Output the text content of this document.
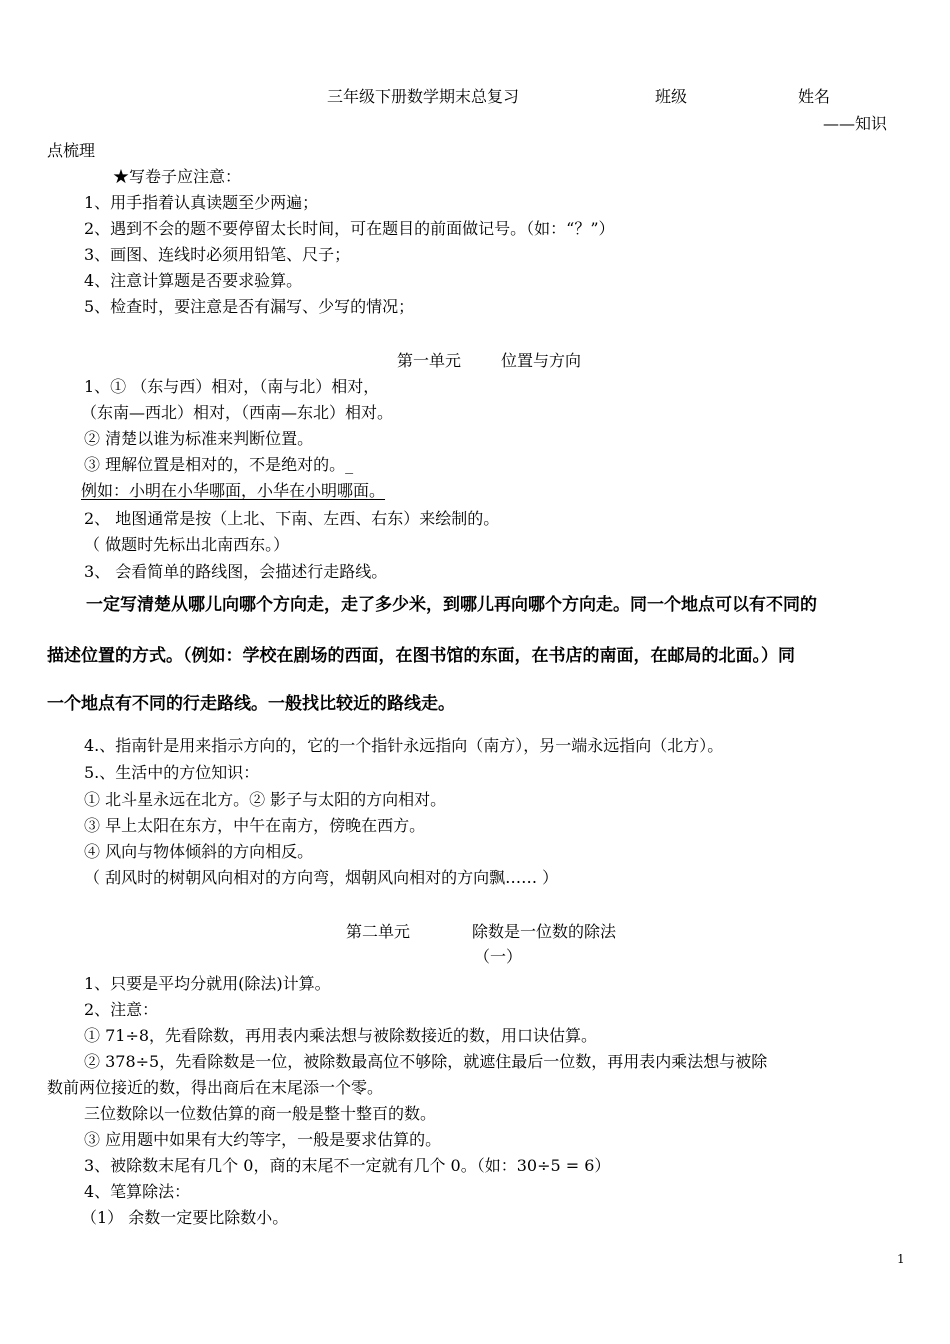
三年级下册数学期末总复习	班级	姓名
——知识
点梳理
★写卷子应注意：
1、用手指着认真读题至少两遍；
2、遇到不会的题不要停留太长时间，可在题目的前面做记号。（如：“？”）
3、画图、连线时必须用铅笔、尺子；
4、注意计算题是否要求验算。
5、检查时，要注意是否有漏写、少写的情况；
第一单元 位置与方向
1、① （东与西）相对，（南与北）相对，
（东南—西北）相对，（西南—东北）相对。
② 清楚以谁为标准来判断位置。
③ 理解位置是相对的，不是绝对的。_
例如：小明在小华哪面，小华在小明哪面。
2、 地图通常是按（上北、下南、左西、右东）来绘制的。
（ 做题时先标出北南西东。）
3、 会看简单的路线图，会描述行走路线。
一定写清楚从哪儿向哪个方向走，走了多少米，到哪儿再向哪个方向走。同一个地点可以有不同的
描述位置的方式。（例如：学校在剧场的西面，在图书馆的东面，在书店的南面，在邮局的北面。）同
一个地点有不同的行走路线。一般找比较近的路线走。
4.、指南针是用来指示方向的，它的一个指针永远指向（南方），另一端永远指向（北方）。
5.、生活中的方位知识：
① 北斗星永远在北方。② 影子与太阳的方向相对。
③ 早上太阳在东方，中午在南方，傍晚在西方。
④ 风向与物体倾斜的方向相反。
（ 刮风时的树朝风向相对的方向弯，烟朝风向相对的方向飘…… ）
第二单元	除数是一位数的除法
（一）
1、只要是平均分就用(除法)计算。
2、注意：
① 71÷8，先看除数，再用表内乘法想与被除数接近的数，用口诀估算。
② 378÷5，先看除数是一位，被除数最高位不够除，就遮住最后一位数，再用表内乘法想与被除
数前两位接近的数，得出商后在末尾添一个零。
三位数除以一位数估算的商一般是整十整百的数。
③ 应用题中如果有大约等字，一般是要求估算的。
3、被除数末尾有几个 0，商的末尾不一定就有几个 0。（如：30÷5 = 6）
4、笔算除法：
（1） 余数一定要比除数小。
1
